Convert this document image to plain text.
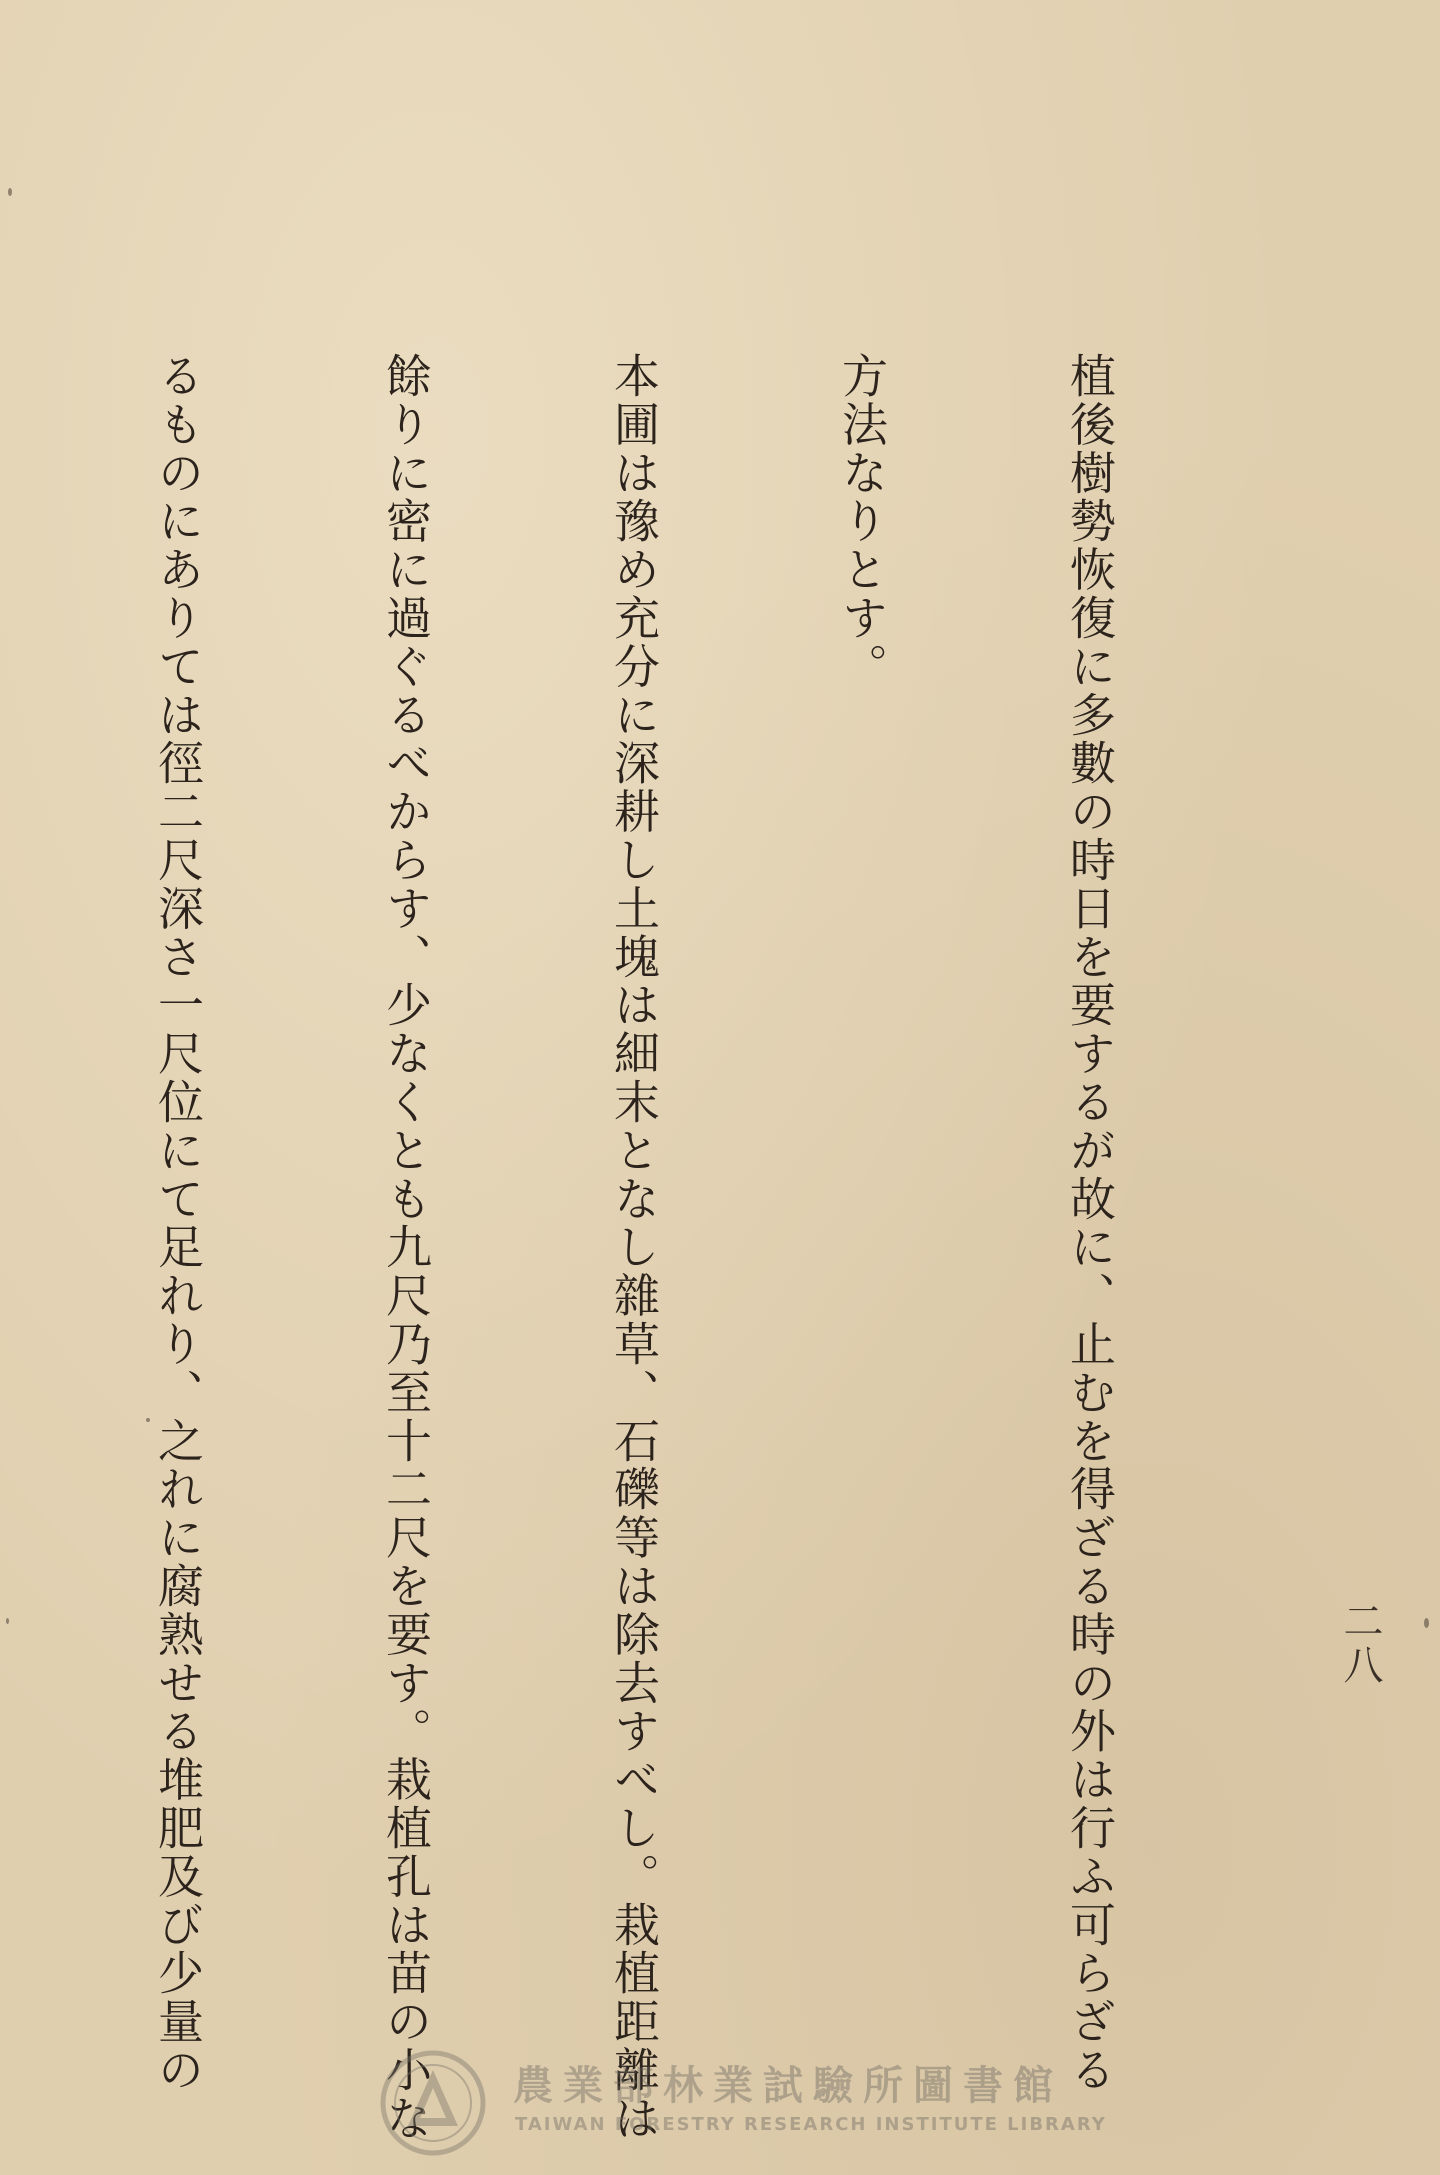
二八

植後樹勢恢復に多數の時日を要するが故に、止むを得ざる時の外は行ふ可らざる

方法なりとす。

本圃は豫め充分に深耕し土塊は細末となし雜草、石礫等は除去すべし。栽植距離は

餘りに密に過ぐるべからす、少なくとも九尺乃至十二尺を要す。栽植孔は苗の小な

るものにありては徑二尺深さ一尺位にて足れり、之れに腐熟せる堆肥及び少量の

	農業部林業試驗所圖書館
TAIWAN FORESTRY RESEARCH INSTITUTE LIBRARY
